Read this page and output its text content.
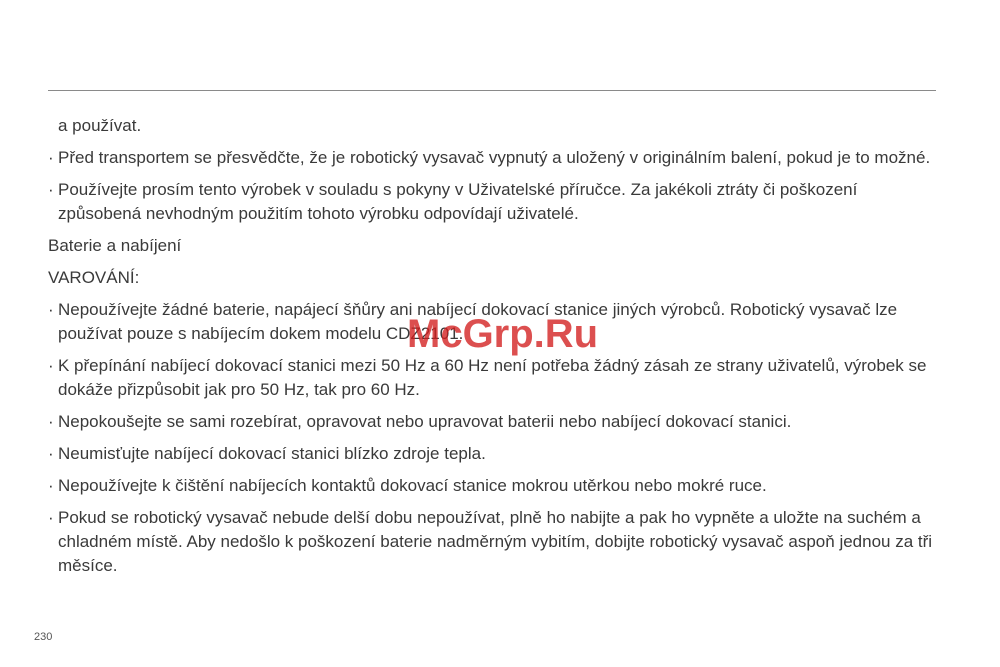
a používat.

· Před transportem se přesvědčte, že je robotický vysavač vypnutý a uložený v originálním balení, pokud je to možné.
· Používejte prosím tento výrobek v souladu s pokyny v Uživatelské příručce. Za jakékoli ztráty či poškození způsobená nevhodným použitím tohoto výrobku odpovídají uživatelé.

Baterie a nabíjení

VAROVÁNÍ:

· Nepoužívejte žádné baterie, napájecí šňůry ani nabíjecí dokovací stanice jiných výrobců. Robotický vysavač lze používat pouze s nabíjecím dokem modelu CDZ2101.
· K přepínání nabíjecí dokovací stanici mezi 50 Hz a 60 Hz není potřeba žádný zásah ze strany uživatelů, výrobek se dokáže přizpůsobit jak pro 50 Hz, tak pro 60 Hz.
· Nepokoušejte se sami rozebírat, opravovat nebo upravovat baterii nebo nabíjecí dokovací stanici.
· Neumisťujte nabíjecí dokovací stanici blízko zdroje tepla.
· Nepoužívejte k čištění nabíjecích kontaktů dokovací stanice mokrou utěrkou nebo mokré ruce.
· Pokud se robotický vysavač nebude delší dobu nepoužívat, plně ho nabijte a pak ho vypněte a uložte na suchém a chladném místě. Aby nedošlo k poškození baterie nadměrným vybitím, dobijte robotický vysavač aspoň jednou za tři měsíce.
McGrp.Ru
230
